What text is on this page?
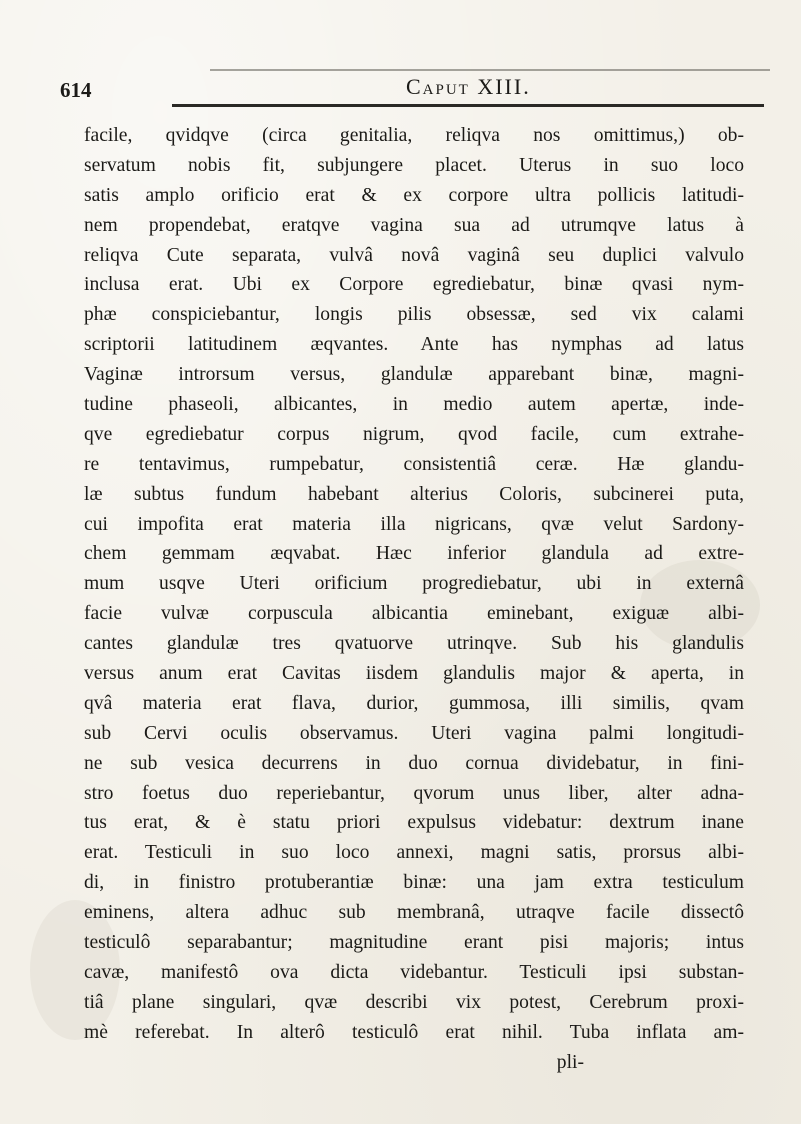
614	Caput XIII.
facile, qvidqve (circa genitalia, reliqva nos omittimus,) ob-
servatum nobis fit, subjungere placet. Uterus in suo loco
satis amplo orificio erat & ex corpore ultra pollicis latitudi-
nem propendebat, eratqve vagina sua ad utrumqve latus à
reliqva Cute separata, vulvâ novâ vaginâ seu duplici valvulo
inclusa erat. Ubi ex Corpore egrediebatur, binæ qvasi nym-
phæ conspiciebantur, longis pilis obsessæ, sed vix calami
scriptorii latitudinem æqvantes. Ante has nymphas ad latus
Vaginæ introrsum versus, glandulæ apparebant binæ, magni-
tudine phaseoli, albicantes, in medio autem apertæ, inde-
qve egrediebatur corpus nigrum, qvod facile, cum extrahe-
re tentavimus, rumpebatur, consistentiâ ceræ. Hæ glandu-
læ subtus fundum habebant alterius Coloris, subcinerei puta,
cui impofita erat materia illa nigricans, qvæ velut Sardony-
chem gemmam æqvabat. Hæc inferior glandula ad extre-
mum usqve Uteri orificium progrediebatur, ubi in externâ
facie vulvæ corpuscula albicantia eminebant, exiguæ albi-
cantes glandulæ tres qvatuorve utrinqve. Sub his glandulis
versus anum erat Cavitas iisdem glandulis major & aperta, in
qvâ materia erat flava, durior, gummosa, illi similis, qvam
sub Cervi oculis observamus. Uteri vagina palmi longitudi-
ne sub vesica decurrens in duo cornua dividebatur, in fini-
stro foetus duo reperiebantur, qvorum unus liber, alter adna-
tus erat, & è statu priori expulsus videbatur: dextrum inane
erat. Testiculi in suo loco annexi, magni satis, prorsus albi-
di, in finistro protuberantiæ binæ: una jam extra testiculum
eminens, altera adhuc sub membranâ, utraqve facile dissectô
testiculô separabantur; magnitudine erant pisi majoris; intus
cavæ, manifestô ova dicta videbantur. Testiculi ipsi substan-
tiâ plane singulari, qvæ describi vix potest, Cerebrum proxi-
mè referebat. In alterô testiculô erat nihil. Tuba inflata am-
pli-
